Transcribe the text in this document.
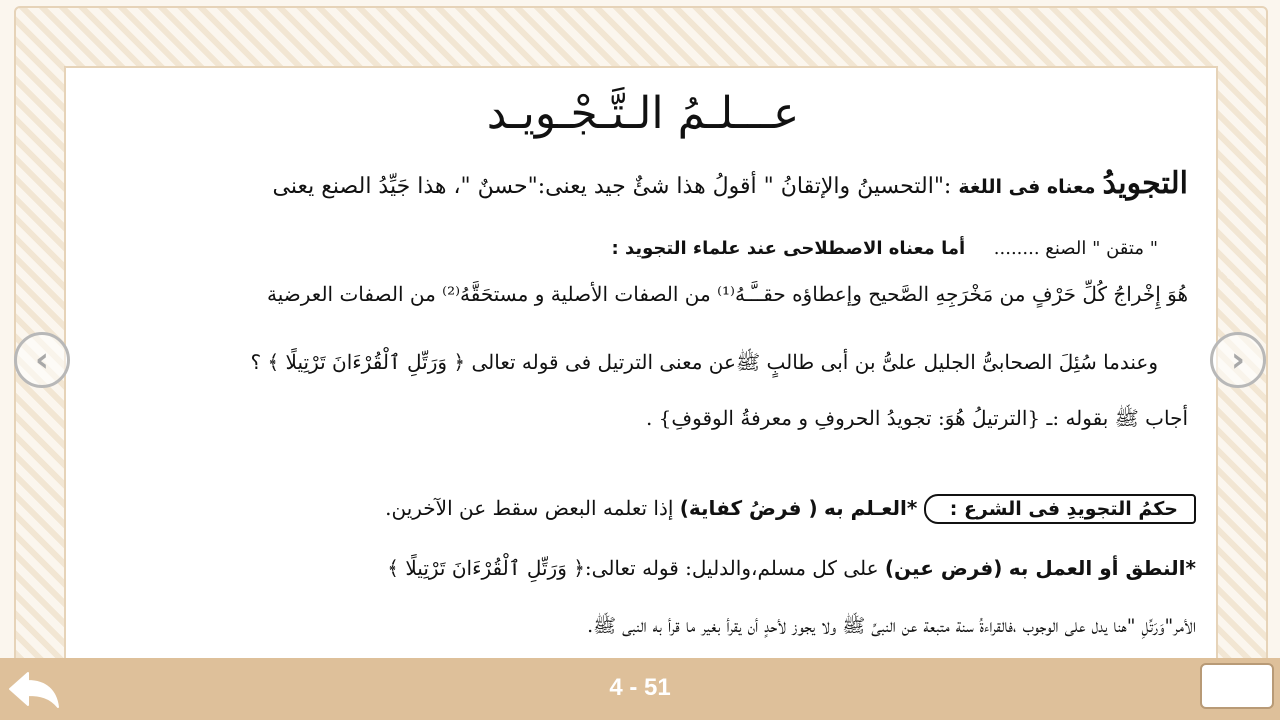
عـــلـمُ الـتَّـجْـويـد
التجويدُ معناه فى اللغة :"التحسينُ والإتقانُ " أقولُ هذا شئٌ جيد يعنى:"حسنٌ "، هذا جَيِّدُ الصنع يعنى
" متقن " الصنع ........     أما معناه الاصطلاحى عند علماء التجويد :
هُوَ إِخْراجُ كُلِّ حَرْفٍ من مَخْرَجِهِ الصَّحيح وإعطاؤه حقــَّـهُ⁽¹⁾ من الصفات الأصلية و مستحَقَّهُ⁽²⁾ من الصفات العرضية
وعندما سُئِلَ الصحابىُّ الجليل علىُّ بن أبى طالبٍ ﷺعن معنى الترتيل فى قوله تعالى ﴿ وَرَتِّلِ ٱلْقُرْءَانَ تَرْتِيلًا ﴾ ؟
أجاب ﷺ بقوله :ـ {الترتيلُ هُوَ: تجويدُ الحروفِ و معرفةُ الوقوفِ} .
حكمُ التجويدِ فى الشرع : *العـلم به ( فرضُ كفاية) إذا تعلمه البعض سقط عن الآخرين.
*النطق أو العمل به (فرض عين) على كل مسلم،والدليل: قوله تعالى:﴿ وَرَتِّلِ ٱلْقُرْءَانَ تَرْتِيلًا ﴾
الأمر"وَرَتِّلِ "هنا يدل على الوجوب ،فالقراءةُ سنة متبعة عن النبىِّ ﷺ ولا يجوز لأحدٍ أن يقرأ بغير ما قرأ به النبى ﷺ.
‹	›
4 - 51
